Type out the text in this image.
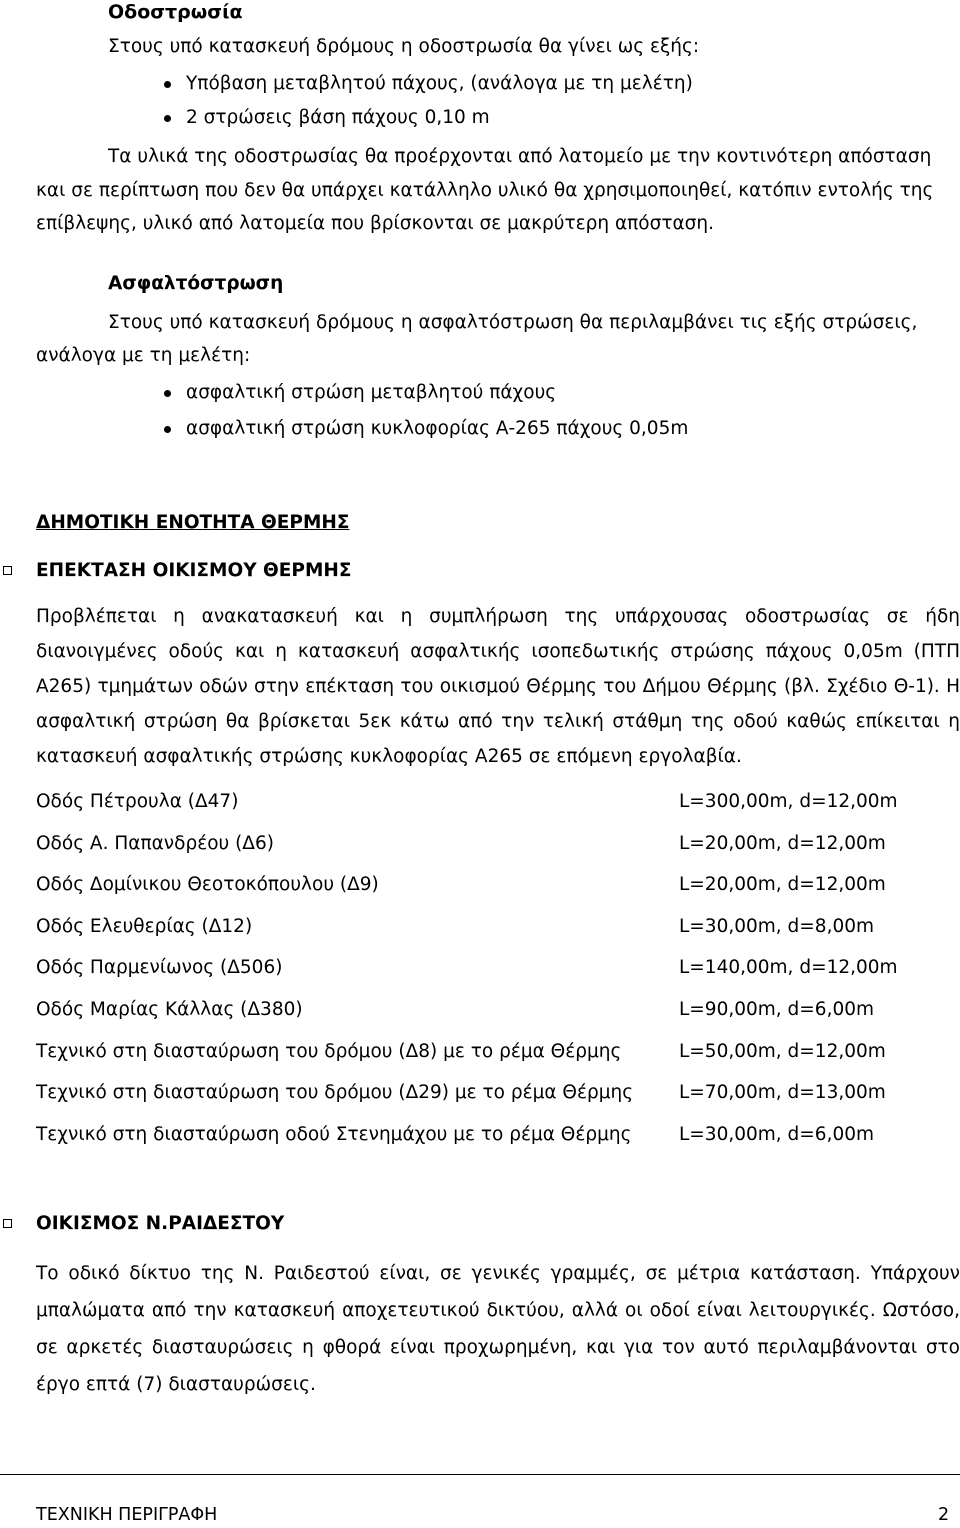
Οδοστρωσία
Στους υπό κατασκευή δρόμους η οδοστρωσία θα γίνει ως εξής:
Υπόβαση μεταβλητού πάχους, (ανάλογα με τη μελέτη)
2 στρώσεις βάση πάχους 0,10 m
Τα υλικά της οδοστρωσίας θα προέρχονται από λατομείο με την κοντινότερη απόσταση
και σε περίπτωση που δεν θα υπάρχει κατάλληλο υλικό θα χρησιμοποιηθεί, κατόπιν εντολής της
επίβλεψης, υλικό από λατομεία που βρίσκονται σε μακρύτερη απόσταση.
Ασφαλτόστρωση
Στους υπό κατασκευή δρόμους η ασφαλτόστρωση θα περιλαμβάνει τις εξής στρώσεις,
ανάλογα με τη μελέτη:
ασφαλτική στρώση μεταβλητού πάχους
ασφαλτική στρώση κυκλοφορίας Α-265 πάχους 0,05m
ΔΗΜΟΤΙΚΗ ΕΝΟΤΗΤΑ ΘΕΡΜΗΣ
ΕΠΕΚΤΑΣΗ ΟΙΚΙΣΜΟΥ ΘΕΡΜΗΣ
Προβλέπεται η ανακατασκευή και η συμπλήρωση της υπάρχουσας οδοστρωσίας σε ήδη διανοιγμένες οδούς και η κατασκευή ασφαλτικής ισοπεδωτικής στρώσης πάχους 0,05m (ΠΤΠ Α265) τμημάτων οδών στην επέκταση του οικισμού Θέρμης του Δήμου Θέρμης (βλ. Σχέδιο Θ-1). Η ασφαλτική στρώση θα βρίσκεται 5εκ κάτω από την τελική στάθμη της οδού καθώς επίκειται η κατασκευή ασφαλτικής στρώσης κυκλοφορίας Α265 σε επόμενη εργολαβία.
Οδός Πέτρουλα (Δ47)	L=300,00m, d=12,00m
Οδός Α. Παπανδρέου (Δ6)	L=20,00m, d=12,00m
Οδός Δομίνικου Θεοτοκόπουλου (Δ9)	L=20,00m, d=12,00m
Οδός Ελευθερίας (Δ12)	L=30,00m, d=8,00m
Οδός Παρμενίωνος (Δ506)	L=140,00m, d=12,00m
Οδός Μαρίας Κάλλας (Δ380)	L=90,00m, d=6,00m
Τεχνικό στη διασταύρωση του δρόμου (Δ8) με το ρέμα Θέρμης	L=50,00m, d=12,00m
Τεχνικό στη διασταύρωση του δρόμου (Δ29) με το ρέμα Θέρμης L=70,00m, d=13,00m
Τεχνικό στη διασταύρωση οδού Στενημάχου με το ρέμα Θέρμης	L=30,00m, d=6,00m
ΟΙΚΙΣΜΟΣ Ν.ΡΑΙΔΕΣΤΟΥ
Το οδικό δίκτυο της Ν. Ραιδεστού είναι, σε γενικές γραμμές, σε μέτρια κατάσταση. Υπάρχουν μπαλώματα από την κατασκευή αποχετευτικού δικτύου, αλλά οι οδοί είναι λειτουργικές. Ωστόσο, σε αρκετές διασταυρώσεις η φθορά είναι προχωρημένη, και για τον αυτό περιλαμβάνονται στο έργο επτά (7) διασταυρώσεις.
ΤΕΧΝΙΚΗ ΠΕΡΙΓΡΑΦΗ	2
